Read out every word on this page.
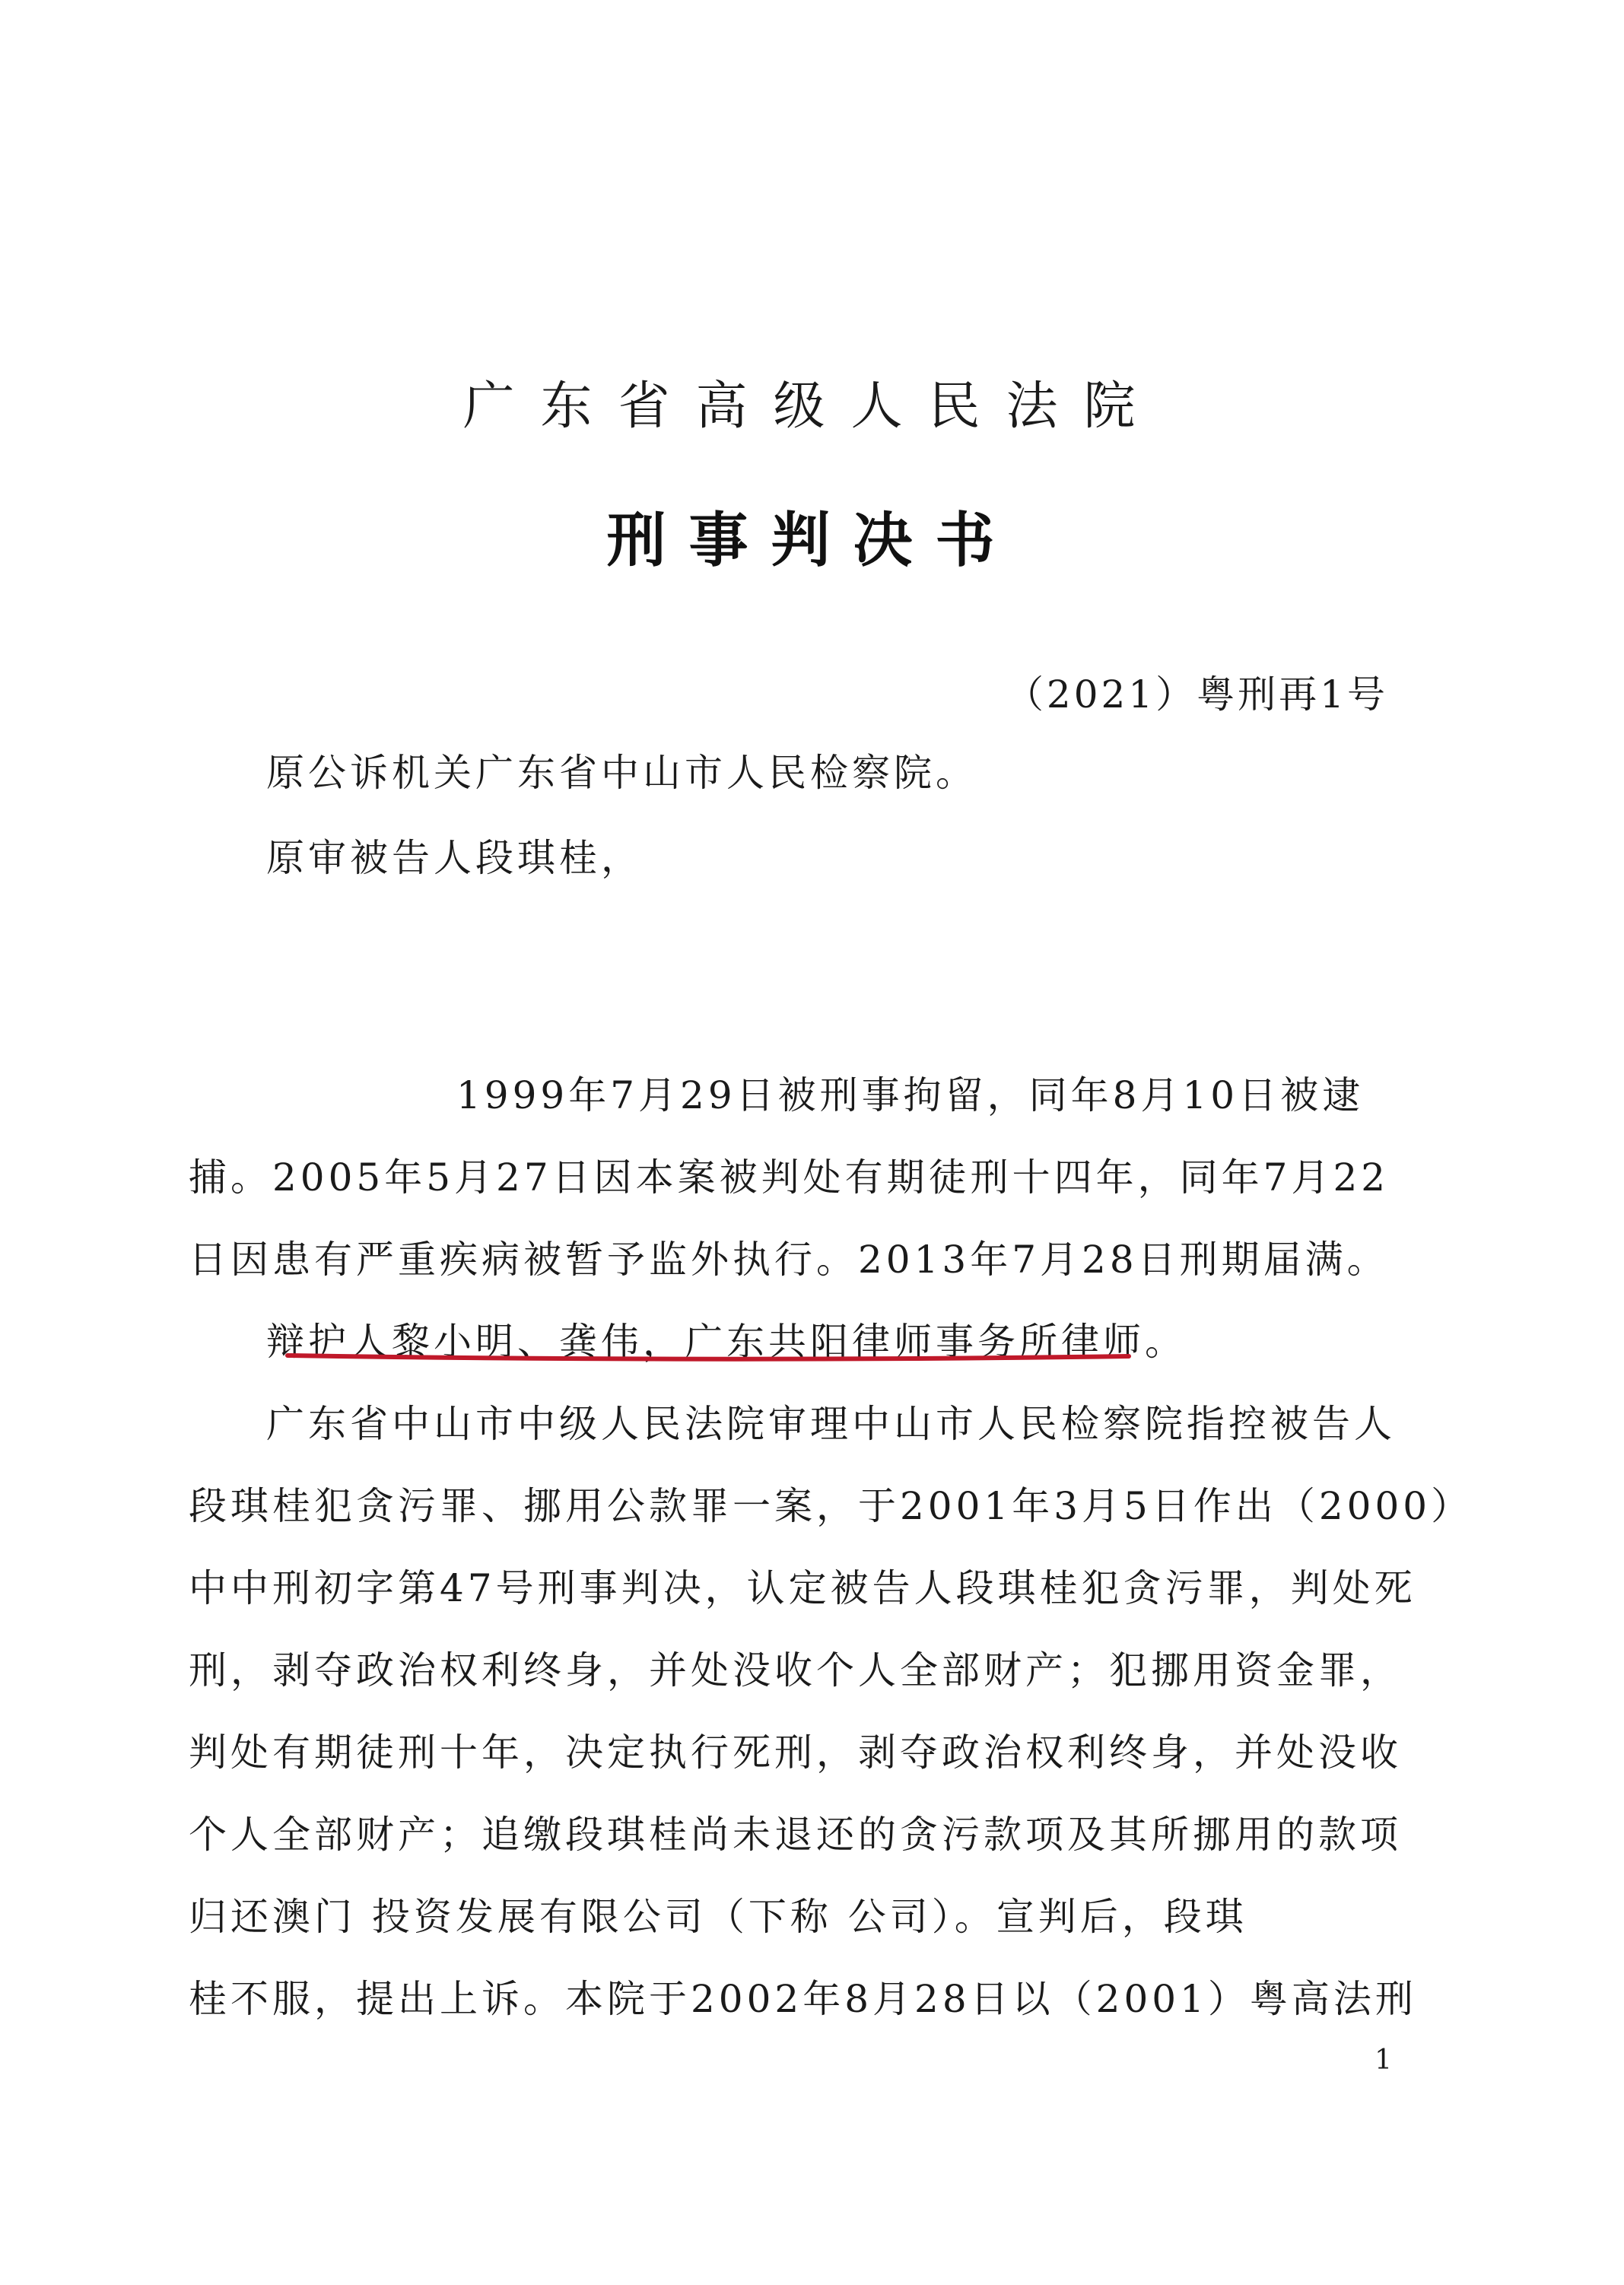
广东省高级人民法院
刑事判决书
（2021）粤刑再1号
原公诉机关广东省中山市人民检察院。
原审被告人段琪桂，
1999年7月29日被刑事拘留，同年8月10日被逮
捕。2005年5月27日因本案被判处有期徒刑十四年，同年7月22
日因患有严重疾病被暂予监外执行。2013年7月28日刑期届满。
辩护人黎小明、龚伟，广东共阳律师事务所律师。
广东省中山市中级人民法院审理中山市人民检察院指控被告人
段琪桂犯贪污罪、挪用公款罪一案，于2001年3月5日作出（2000）
中中刑初字第47号刑事判决，认定被告人段琪桂犯贪污罪，判处死
刑，剥夺政治权利终身，并处没收个人全部财产；犯挪用资金罪，
判处有期徒刑十年，决定执行死刑，剥夺政治权利终身，并处没收
个人全部财产；追缴段琪桂尚未退还的贪污款项及其所挪用的款项
归还澳门 投资发展有限公司（下称 公司）。宣判后，段琪
桂不服，提出上诉。本院于2002年8月28日以（2001）粤高法刑
1
